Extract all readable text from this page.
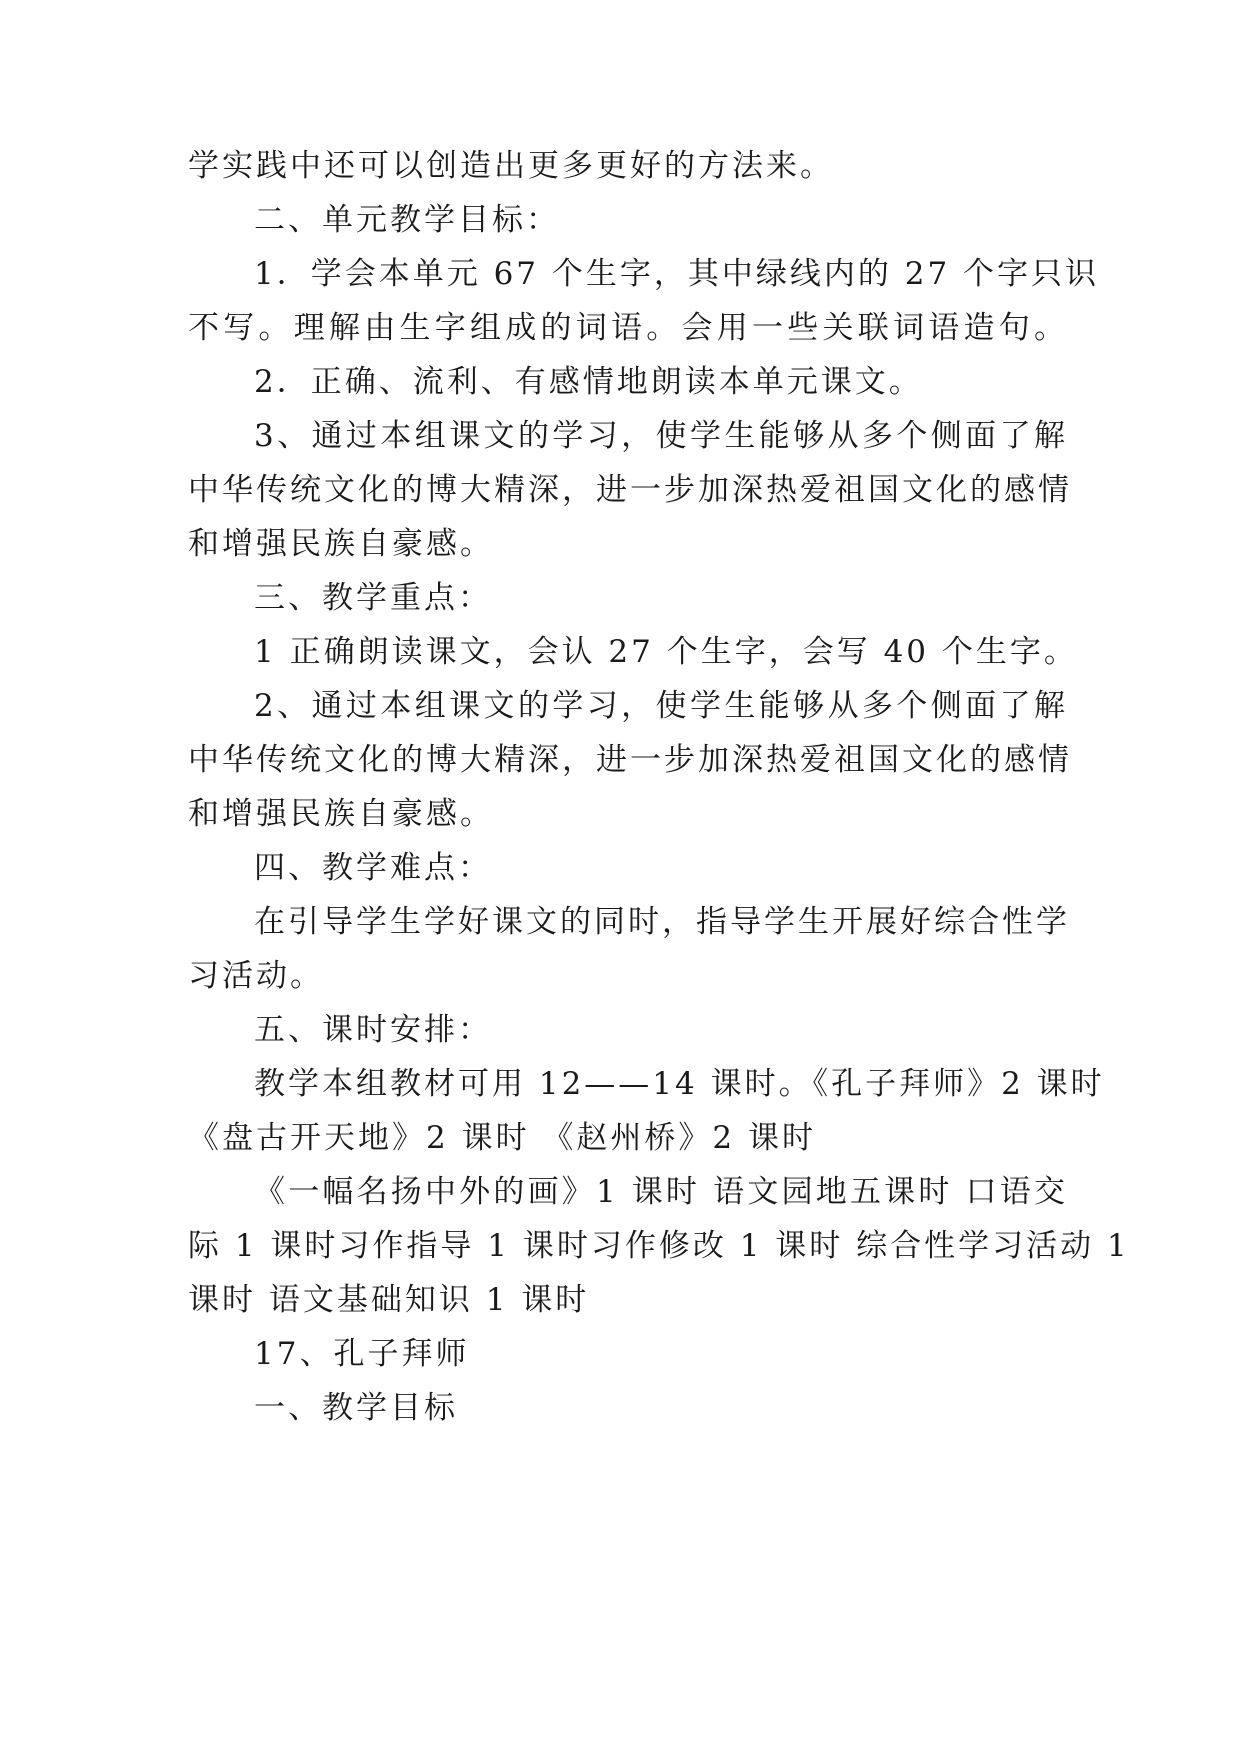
学实践中还可以创造出更多更好的方法来。
二、单元教学目标：
1．学会本单元 67 个生字，其中绿线内的 27 个字只识
不写。理解由生字组成的词语。会用一些关联词语造句。
2．正确、流利、有感情地朗读本单元课文。
3、通过本组课文的学习，使学生能够从多个侧面了解
中华传统文化的博大精深，进一步加深热爱祖国文化的感情
和增强民族自豪感。
三、教学重点：
1 正确朗读课文，会认 27 个生字，会写 40 个生字。
2、通过本组课文的学习，使学生能够从多个侧面了解
中华传统文化的博大精深，进一步加深热爱祖国文化的感情
和增强民族自豪感。
四、教学难点：
在引导学生学好课文的同时，指导学生开展好综合性学
习活动。
五、课时安排：
教学本组教材可用 12——14 课时。《孔子拜师》2 课时
《盘古开天地》2 课时 《赵州桥》2 课时
《一幅名扬中外的画》1 课时 语文园地五课时 口语交
际 1 课时习作指导 1 课时习作修改 1 课时 综合性学习活动 1
课时 语文基础知识 1 课时
17、孔子拜师
一、教学目标
